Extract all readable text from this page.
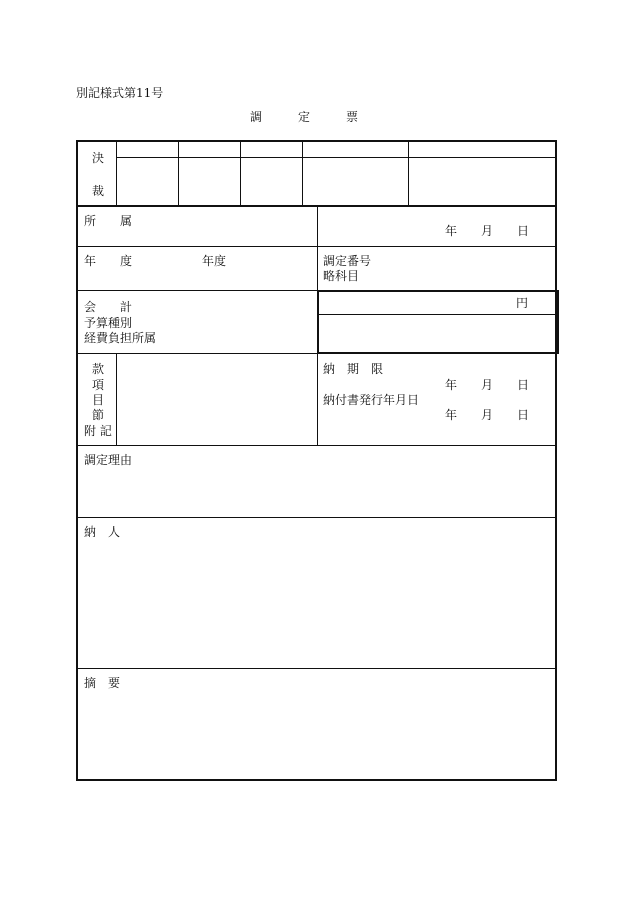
別記様式第11号
調　　　定　　　票
決
裁
所　　属
年 月 日
年　　度	年度	調定番号
略科目
会　　計
予算種別
経費負担所属
円
款
項
目
節
附 記
納　期　限
年 月 日
納付書発行年月日
年 月 日
調定理由
納　人
摘　要
